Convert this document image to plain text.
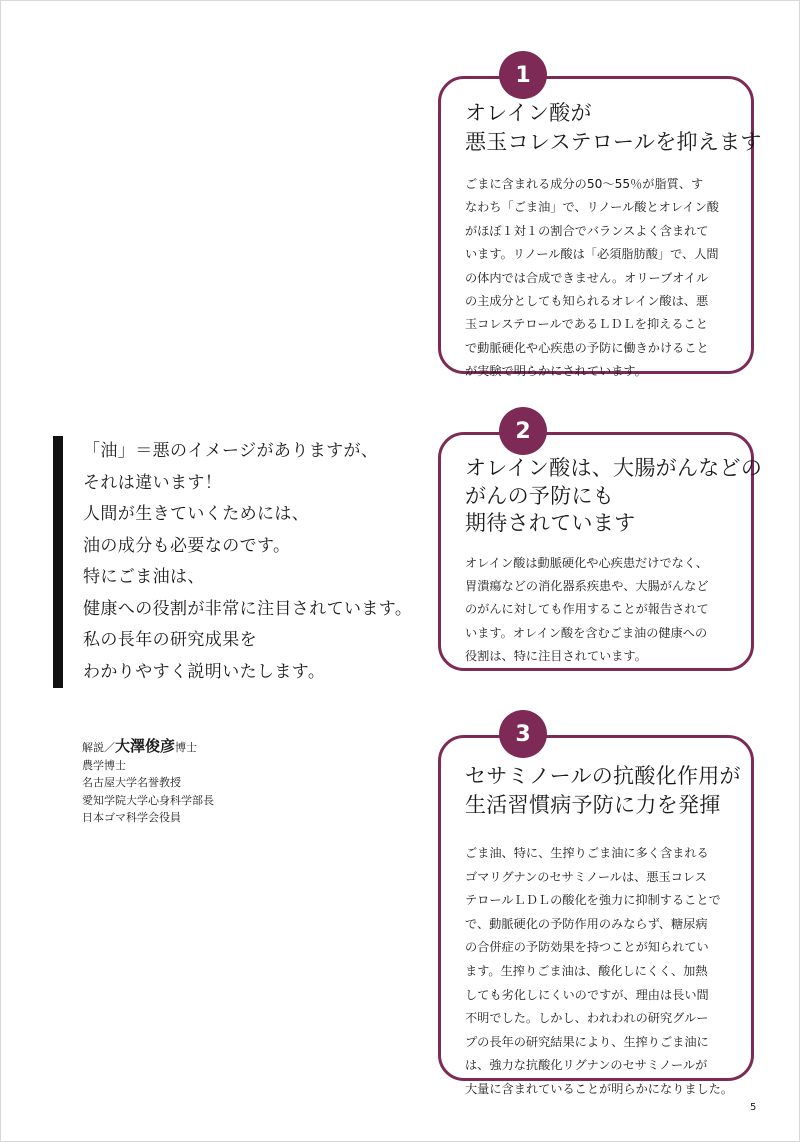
「油」＝悪のイメージがありますが、
それは違います！
人間が生きていくためには、
油の成分も必要なのです。
特にごま油は、
健康への役割が非常に注目されています。
私の長年の研究成果を
わかりやすく説明いたします。
解説／大澤俊彦博士
農学博士
名古屋大学名誉教授
愛知学院大学心身科学部長
日本ゴマ科学会役員
1
オレイン酸が
悪玉コレステロールを抑えます
ごまに含まれる成分の50〜55％が脂質、す
なわち「ごま油」で、リノール酸とオレイン酸
がほぼ１対１の割合でバランスよく含まれて
います。リノール酸は「必須脂肪酸」で、人間
の体内では合成できません。オリーブオイル
の主成分としても知られるオレイン酸は、悪
玉コレステロールであるＬＤＬを抑えること
で動脈硬化や心疾患の予防に働きかけること
が実験で明らかにされています。
2
オレイン酸は、大腸がんなどの
がんの予防にも
期待されています
オレイン酸は動脈硬化や心疾患だけでなく、
胃潰瘍などの消化器系疾患や、大腸がんなど
のがんに対しても作用することが報告されて
います。オレイン酸を含むごま油の健康への
役割は、特に注目されています。
3
セサミノールの抗酸化作用が
生活習慣病予防に力を発揮
ごま油、特に、生搾りごま油に多く含まれる
ゴマリグナンのセサミノールは、悪玉コレス
テロールＬＤＬの酸化を強力に抑制することで
で、動脈硬化の予防作用のみならず、糖尿病
の合併症の予防効果を持つことが知られてい
ます。生搾りごま油は、酸化しにくく、加熱
しても劣化しにくいのですが、理由は長い間
不明でした。しかし、われわれの研究グルー
プの長年の研究結果により、生搾りごま油に
は、強力な抗酸化リグナンのセサミノールが
大量に含まれていることが明らかになりました。
5
